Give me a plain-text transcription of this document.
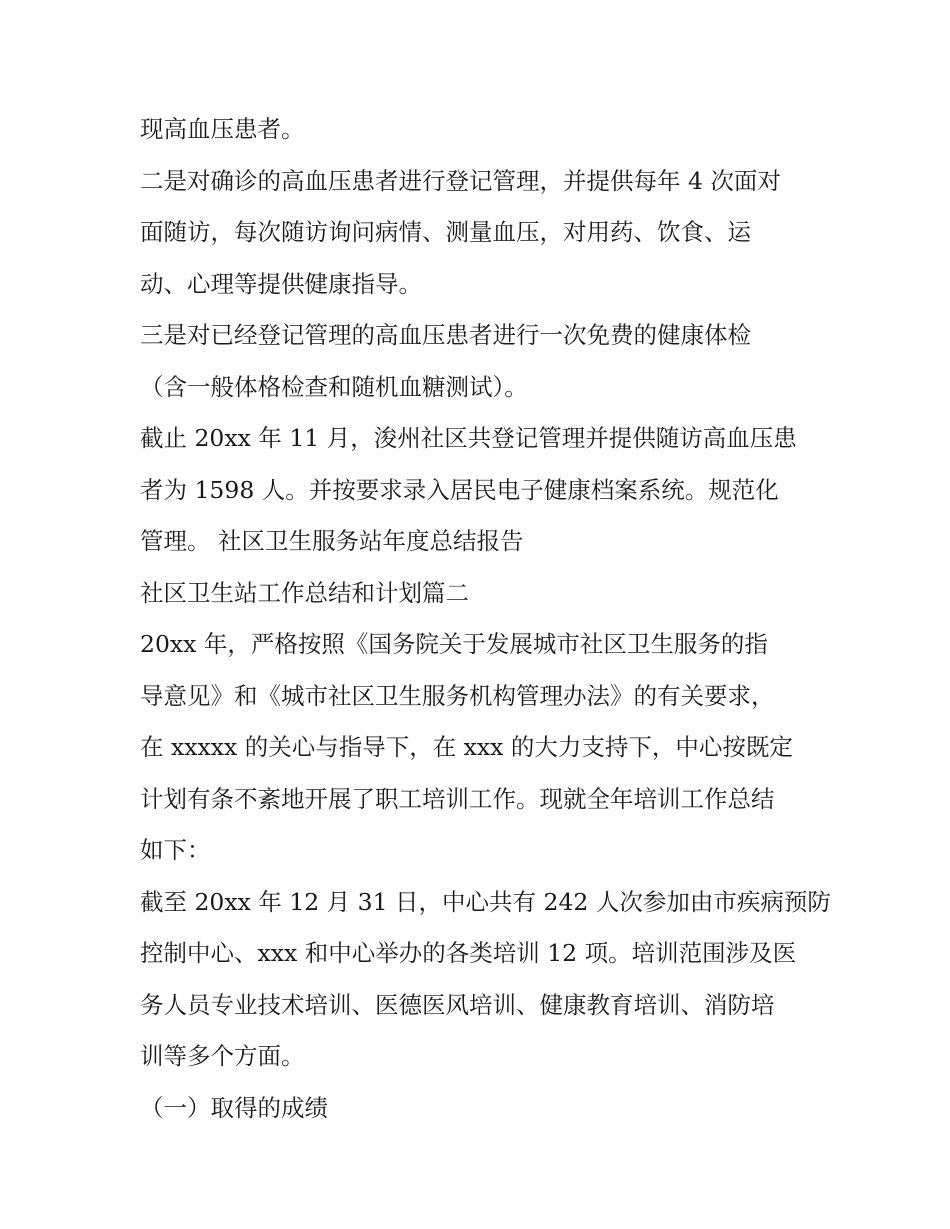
现高血压患者。
二是对确诊的高血压患者进行登记管理，并提供每年 4 次面对
面随访，每次随访询问病情、测量血压，对用药、饮食、运
动、心理等提供健康指导。
三是对已经登记管理的高血压患者进行一次免费的健康体检
（含一般体格检查和随机血糖测试）。
截止 20xx 年 11 月，浚州社区共登记管理并提供随访高血压患
者为 1598 人。并按要求录入居民电子健康档案系统。规范化
管理。 社区卫生服务站年度总结报告
社区卫生站工作总结和计划篇二
20xx 年，严格按照《国务院关于发展城市社区卫生服务的指
导意见》和《城市社区卫生服务机构管理办法》的有关要求，
在 xxxxx 的关心与指导下，在 xxx 的大力支持下，中心按既定
计划有条不紊地开展了职工培训工作。现就全年培训工作总结
如下：
截至 20xx 年 12 月 31 日，中心共有 242 人次参加由市疾病预防
控制中心、xxx 和中心举办的各类培训 12 项。培训范围涉及医
务人员专业技术培训、医德医风培训、健康教育培训、消防培
训等多个方面。
（一）取得的成绩
